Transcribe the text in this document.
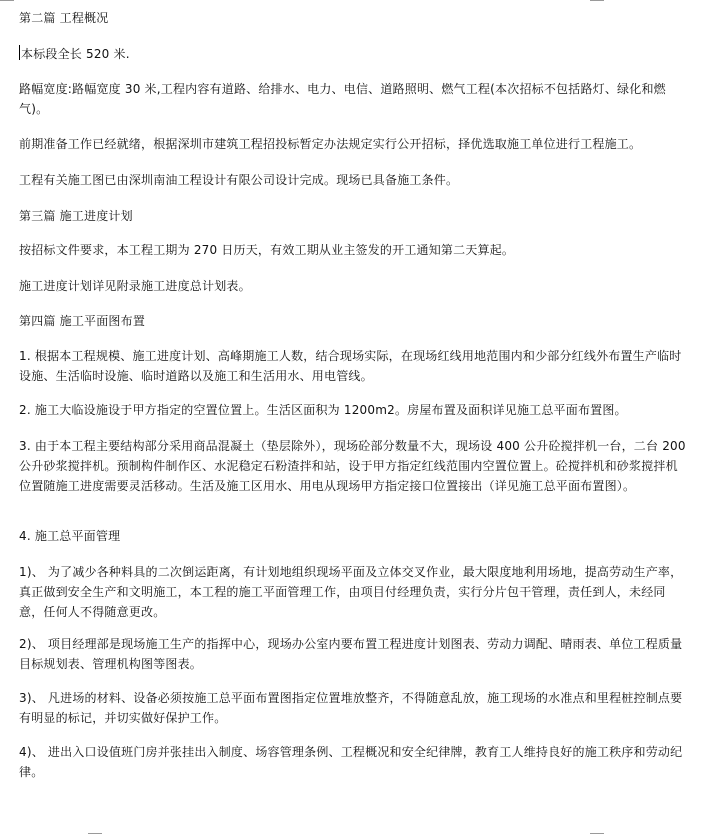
第二篇 工程概况
本标段全长 520 米.
路幅宽度:路幅宽度 30 米,工程内容有道路、给排水、电力、电信、道路照明、燃气工程(本次招标不包括路灯、绿化和燃气)。
前期准备工作已经就绪，根据深圳市建筑工程招投标暂定办法规定实行公开招标，择优选取施工单位进行工程施工。
工程有关施工图已由深圳南油工程设计有限公司设计完成。现场已具备施工条件。
第三篇 施工进度计划
按招标文件要求，本工程工期为 270 日历天，有效工期从业主签发的开工通知第二天算起。
施工进度计划详见附录施工进度总计划表。
第四篇 施工平面图布置
1. 根据本工程规模、施工进度计划、高峰期施工人数，结合现场实际，在现场红线用地范围内和少部分红线外布置生产临时设施、生活临时设施、临时道路以及施工和生活用水、用电管线。
2. 施工大临设施设于甲方指定的空置位置上。生活区面积为 1200m2。房屋布置及面积详见施工总平面布置图。
3. 由于本工程主要结构部分采用商品混凝土（垫层除外），现场砼部分数量不大，现场设 400 公升砼搅拌机一台，二台 200 公升砂浆搅拌机。预制构件制作区、水泥稳定石粉渣拌和站，设于甲方指定红线范围内空置位置上。砼搅拌机和砂浆搅拌机位置随施工进度需要灵活移动。生活及施工区用水、用电从现场甲方指定接口位置接出（详见施工总平面布置图）。
4. 施工总平面管理
1)、 为了减少各种料具的二次倒运距离，有计划地组织现场平面及立体交叉作业，最大限度地利用场地，提高劳动生产率，真正做到安全生产和文明施工，本工程的施工平面管理工作，由项目付经理负责，实行分片包干管理，责任到人，未经同意，任何人不得随意更改。
2)、 项目经理部是现场施工生产的指挥中心，现场办公室内要布置工程进度计划图表、劳动力调配、晴雨表、单位工程质量目标规划表、管理机构图等图表。
3)、 凡进场的材料、设备必须按施工总平面布置图指定位置堆放整齐，不得随意乱放，施工现场的水准点和里程桩控制点要有明显的标记，并切实做好保护工作。
4)、 进出入口设值班门房并张挂出入制度、场容管理条例、工程概况和安全纪律牌，教育工人维持良好的施工秩序和劳动纪律。
